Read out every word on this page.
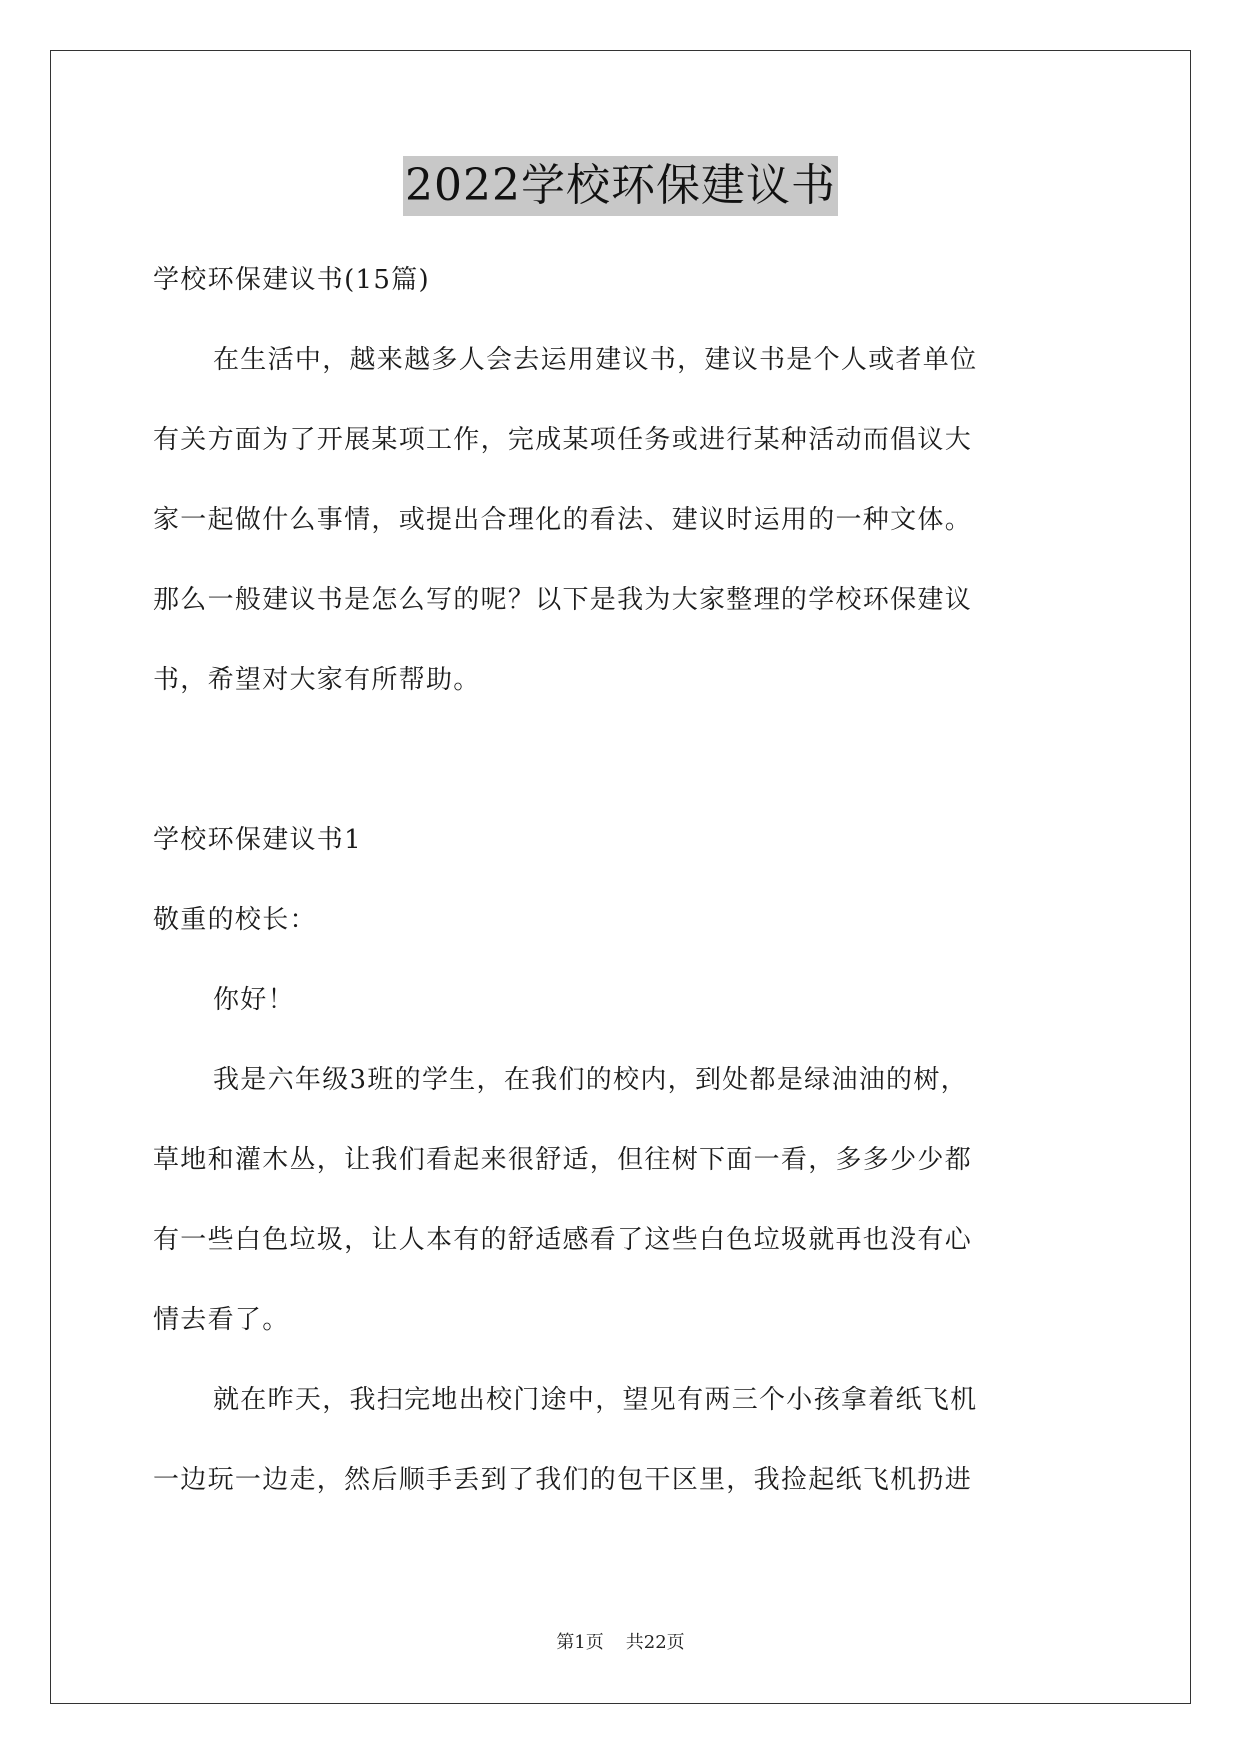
2022学校环保建议书
学校环保建议书(15篇)
在生活中，越来越多人会去运用建议书，建议书是个人或者单位
有关方面为了开展某项工作，完成某项任务或进行某种活动而倡议大
家一起做什么事情，或提出合理化的看法、建议时运用的一种文体。
那么一般建议书是怎么写的呢？以下是我为大家整理的学校环保建议
书，希望对大家有所帮助。
学校环保建议书1
敬重的校长：
你好！
我是六年级3班的学生，在我们的校内，到处都是绿油油的树，
草地和灌木丛，让我们看起来很舒适，但往树下面一看，多多少少都
有一些白色垃圾，让人本有的舒适感看了这些白色垃圾就再也没有心
情去看了。
就在昨天，我扫完地出校门途中，望见有两三个小孩拿着纸飞机
一边玩一边走，然后顺手丢到了我们的包干区里，我捡起纸飞机扔进
第1页 共22页
